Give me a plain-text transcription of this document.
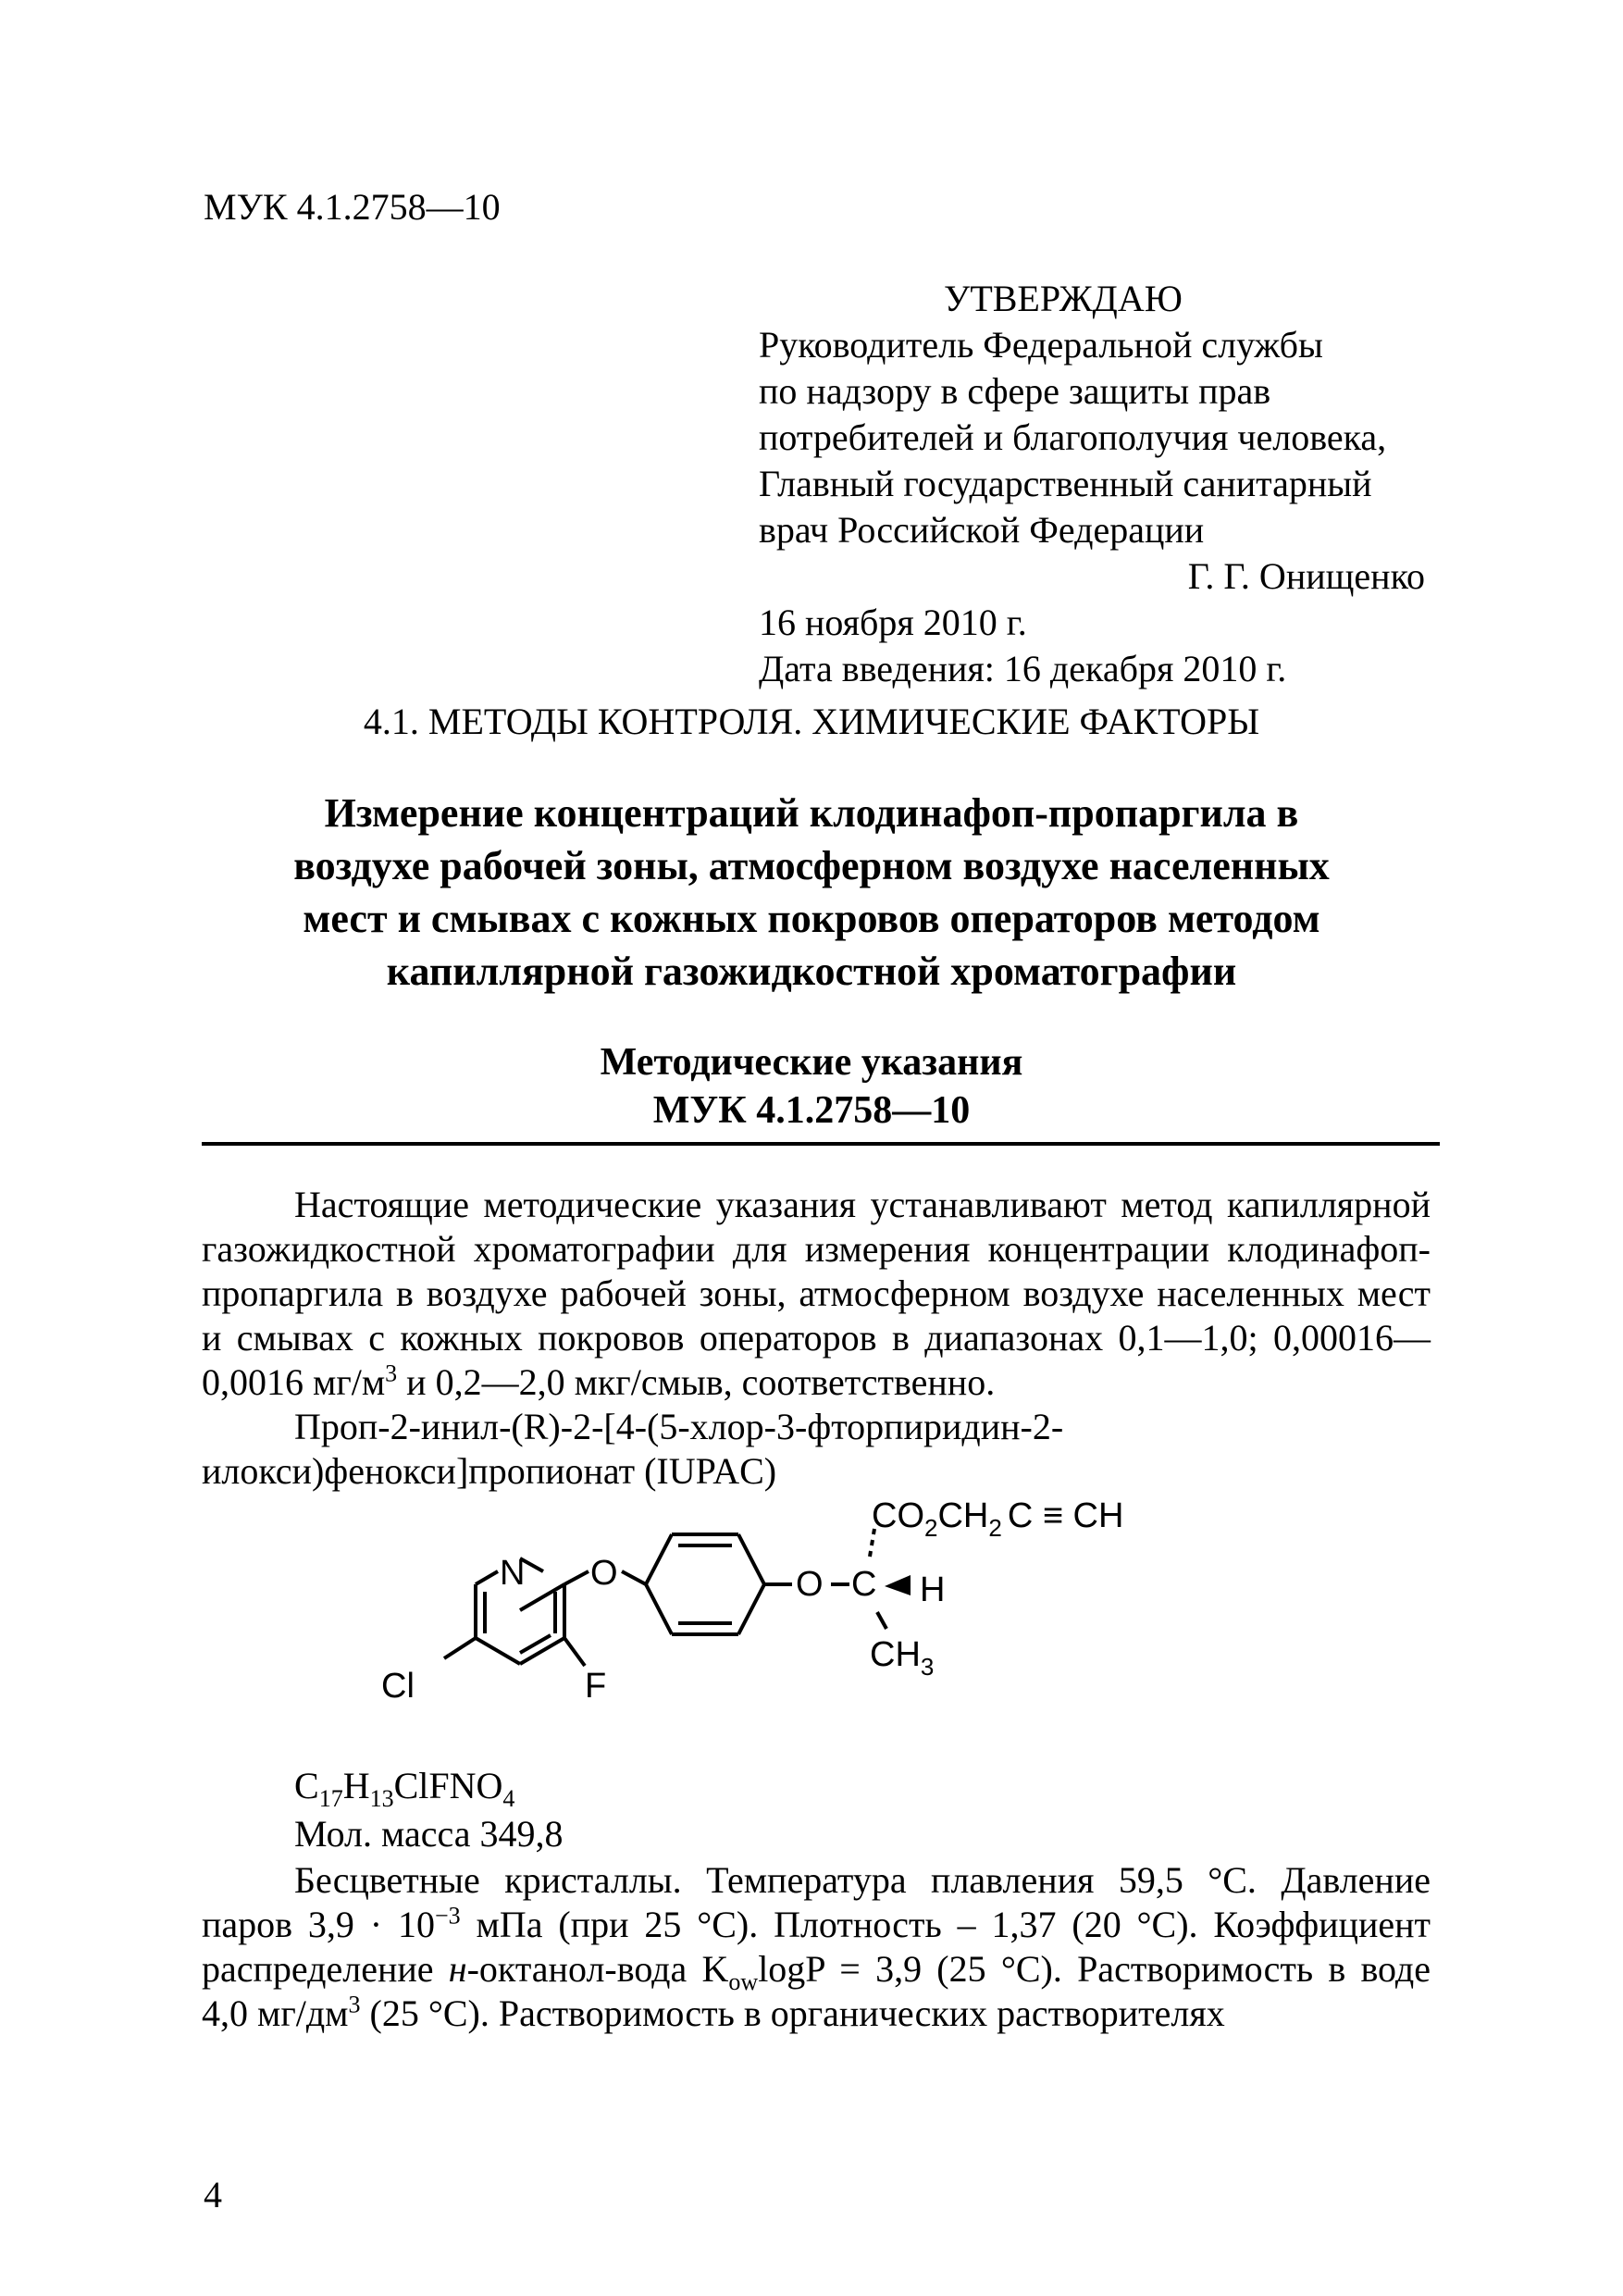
МУК 4.1.2758—10
УТВЕРЖДАЮ
Руководитель Федеральной службы
по надзору в сфере защиты прав
потребителей и благополучия человека,
Главный государственный санитарный
врач Российской Федерации
Г. Г. Онищенко
16 ноября 2010 г.
Дата введения: 16 декабря 2010 г.
4.1. МЕТОДЫ КОНТРОЛЯ. ХИМИЧЕСКИЕ ФАКТОРЫ
Измерение концентраций клодинафоп-пропаргила в
воздухе рабочей зоны, атмосферном воздухе населенных
мест и смывах с кожных покровов операторов методом
капиллярной газожидкостной хроматографии
Методические указания
МУК 4.1.2758—10
Настоящие методические указания устанавливают метод капиллярной газожидкостной хроматографии для измерения концентрации клодинафоп-пропаргила в воздухе рабочей зоны, атмосферном воздухе населенных мест и смывах с кожных покровов операторов в диапазонах 0,1—1,0; 0,00016—0,0016 $мг/м^3$ и 0,2—2,0 мкг/смыв, соответственно.
Проп-2-инил-(R)-2-[4-(5-хлор-3-фторпиридин-2-илокси)фенокси]пропионат (IUPAC)
$CO_2CH_2$ C ≡ CH
N O	O C H
$CH_3$
Cl	F
$C_{17}H_{13}ClFNO_4$
Мол. масса 349,8
Бесцветные кристаллы. Температура плавления 59,5 °С. Давление паров $3,9 \cdot 10^{-3}$ мПа (при 25 °С). Плотность – 1,37 (20 °С). Коэффициент распределение н-октанол-вода $K_{ow}\log P = 3,9$ (25 °С). Растворимость в воде 4,0 $мг/дм^3$ (25 °С). Растворимость в органических растворителях
4
